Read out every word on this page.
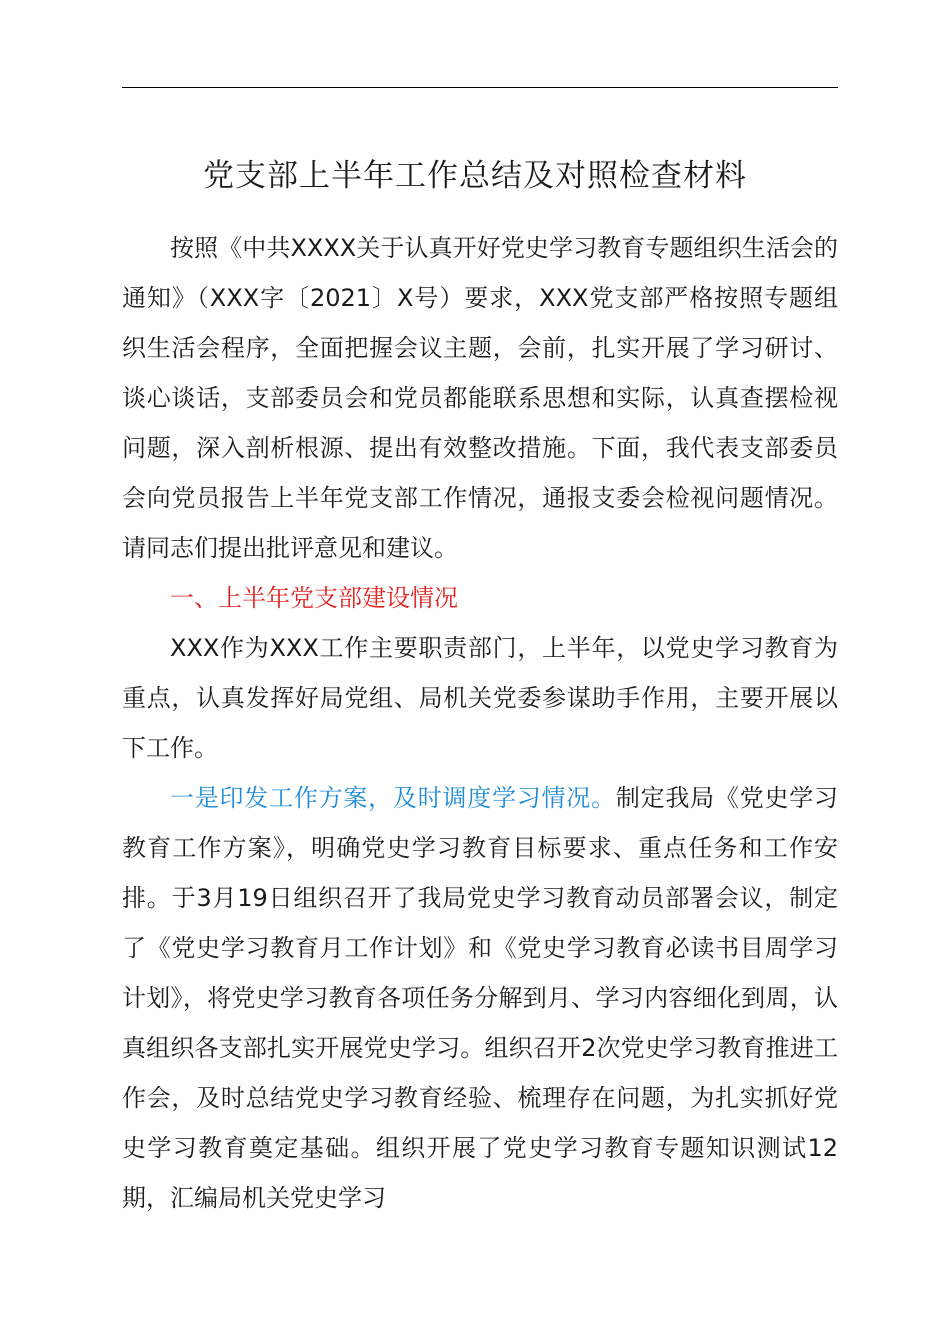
党支部上半年工作总结及对照检查材料

按照《中共XXXX关于认真开好党史学习教育专题组织生活会的通知》（XXX字〔2021〕X号）要求，XXX党支部严格按照专题组织生活会程序，全面把握会议主题，会前，扎实开展了学习研讨、谈心谈话，支部委员会和党员都能联系思想和实际，认真查摆检视问题，深入剖析根源、提出有效整改措施。下面，我代表支部委员会向党员报告上半年党支部工作情况，通报支委会检视问题情况。请同志们提出批评意见和建议。

一、上半年党支部建设情况

XXX作为XXX工作主要职责部门，上半年，以党史学习教育为重点，认真发挥好局党组、局机关党委参谋助手作用，主要开展以下工作。

一是印发工作方案，及时调度学习情况。制定我局《党史学习教育工作方案》，明确党史学习教育目标要求、重点任务和工作安排。于3月19日组织召开了我局党史学习教育动员部署会议，制定了《党史学习教育月工作计划》和《党史学习教育必读书目周学习计划》，将党史学习教育各项任务分解到月、学习内容细化到周，认真组织各支部扎实开展党史学习。组织召开2次党史学习教育推进工作会，及时总结党史学习教育经验、梳理存在问题，为扎实抓好党史学习教育奠定基础。组织开展了党史学习教育专题知识测试12期，汇编局机关党史学习
